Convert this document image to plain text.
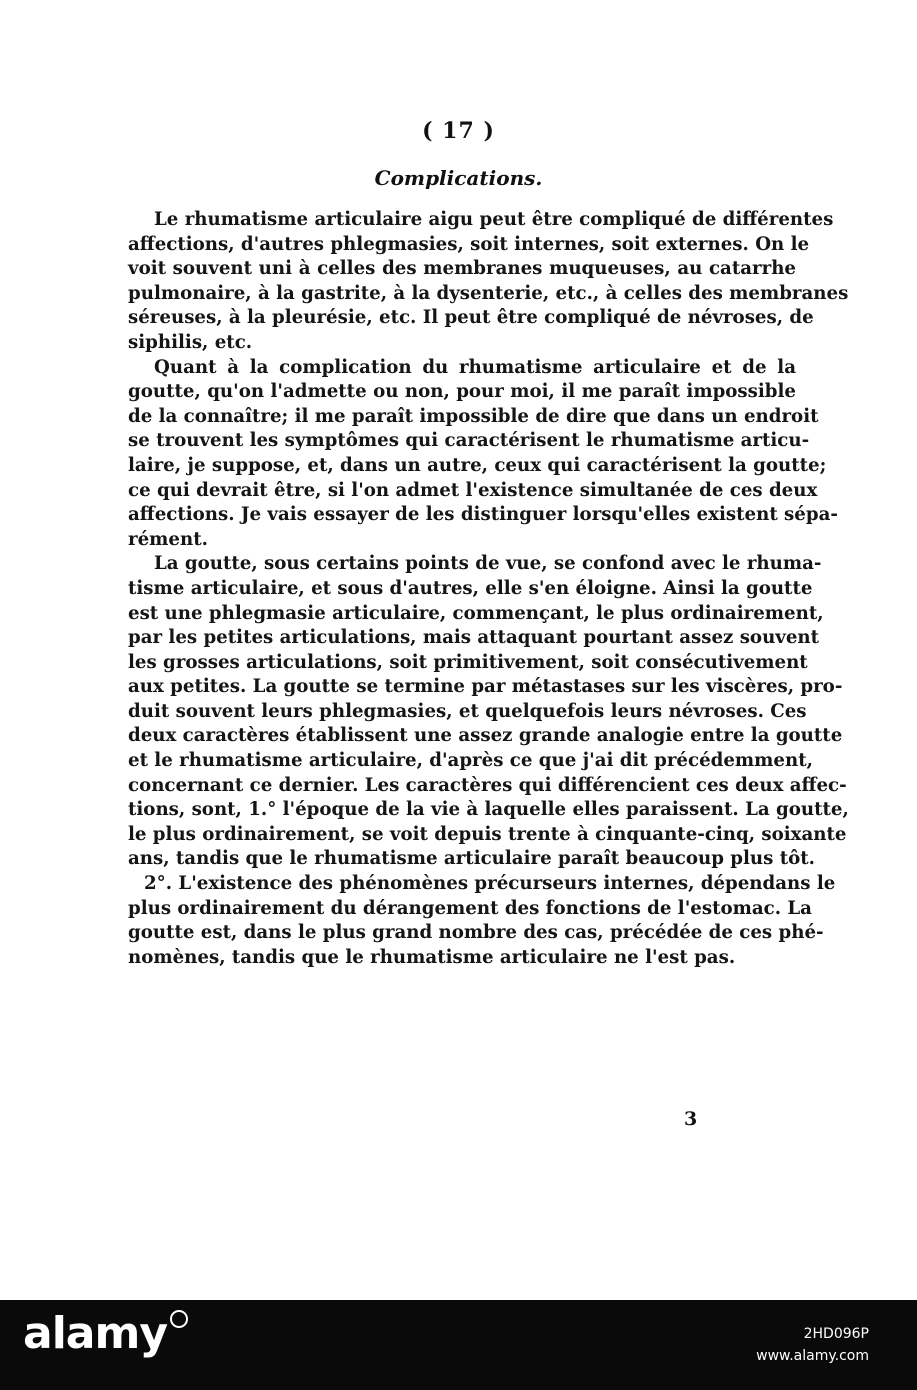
( 17 )
Complications.
Le rhumatisme articulaire aigu peut être compliqué de différentes
affections, d'autres phlegmasies, soit internes, soit externes. On le
voit souvent uni à celles des membranes muqueuses, au catarrhe
pulmonaire, à la gastrite, à la dysenterie, etc., à celles des membranes
séreuses, à la pleurésie, etc. Il peut être compliqué de névroses, de
siphilis, etc.
Quant à la complication du rhumatisme articulaire et de la
goutte, qu'on l'admette ou non, pour moi, il me paraît impossible
de la connaître; il me paraît impossible de dire que dans un endroit
se trouvent les symptômes qui caractérisent le rhumatisme articu-
laire, je suppose, et, dans un autre, ceux qui caractérisent la goutte;
ce qui devrait être, si l'on admet l'existence simultanée de ces deux
affections. Je vais essayer de les distinguer lorsqu'elles existent sépa-
rément.
La goutte, sous certains points de vue, se confond avec le rhuma-
tisme articulaire, et sous d'autres, elle s'en éloigne. Ainsi la goutte
est une phlegmasie articulaire, commençant, le plus ordinairement,
par les petites articulations, mais attaquant pourtant assez souvent
les grosses articulations, soit primitivement, soit consécutivement
aux petites. La goutte se termine par métastases sur les viscères, pro-
duit souvent leurs phlegmasies, et quelquefois leurs névroses. Ces
deux caractères établissent une assez grande analogie entre la goutte
et le rhumatisme articulaire, d'après ce que j'ai dit précédemment,
concernant ce dernier. Les caractères qui différencient ces deux affec-
tions, sont, 1.° l'époque de la vie à laquelle elles paraissent. La goutte,
le plus ordinairement, se voit depuis trente à cinquante-cinq, soixante
ans, tandis que le rhumatisme articulaire paraît beaucoup plus tôt.
2°. L'existence des phénomènes précurseurs internes, dépendans le
plus ordinairement du dérangement des fonctions de l'estomac. La
goutte est, dans le plus grand nombre des cas, précédée de ces phé-
nomènes, tandis que le rhumatisme articulaire ne l'est pas.
3
alamy	2HD096P
www.alamy.com
